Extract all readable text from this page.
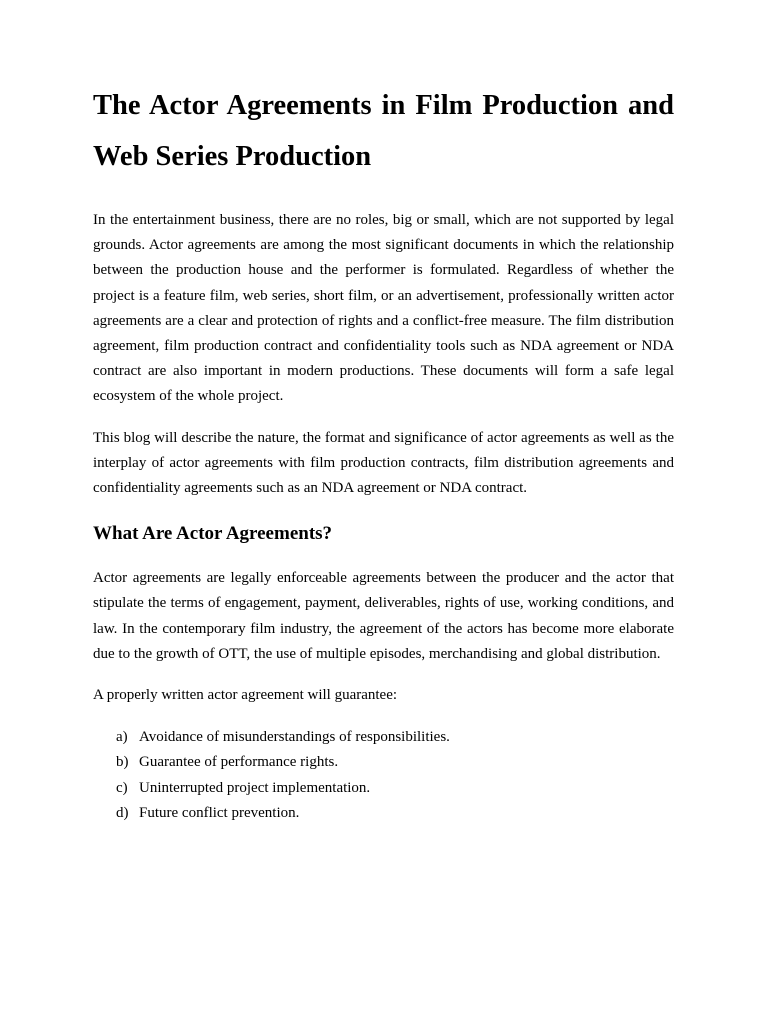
The Actor Agreements in Film Production and Web Series Production

In the entertainment business, there are no roles, big or small, which are not supported by legal grounds. Actor agreements are among the most significant documents in which the relationship between the production house and the performer is formulated. Regardless of whether the project is a feature film, web series, short film, or an advertisement, professionally written actor agreements are a clear and protection of rights and a conflict-free measure. The film distribution agreement, film production contract and confidentiality tools such as NDA agreement or NDA contract are also important in modern productions. These documents will form a safe legal ecosystem of the whole project.

This blog will describe the nature, the format and significance of actor agreements as well as the interplay of actor agreements with film production contracts, film distribution agreements and confidentiality agreements such as an NDA agreement or NDA contract.

What Are Actor Agreements?

Actor agreements are legally enforceable agreements between the producer and the actor that stipulate the terms of engagement, payment, deliverables, rights of use, working conditions, and law. In the contemporary film industry, the agreement of the actors has become more elaborate due to the growth of OTT, the use of multiple episodes, merchandising and global distribution.

A properly written actor agreement will guarantee:

a) Avoidance of misunderstandings of responsibilities.
b) Guarantee of performance rights.
c) Uninterrupted project implementation.
d) Future conflict prevention.
